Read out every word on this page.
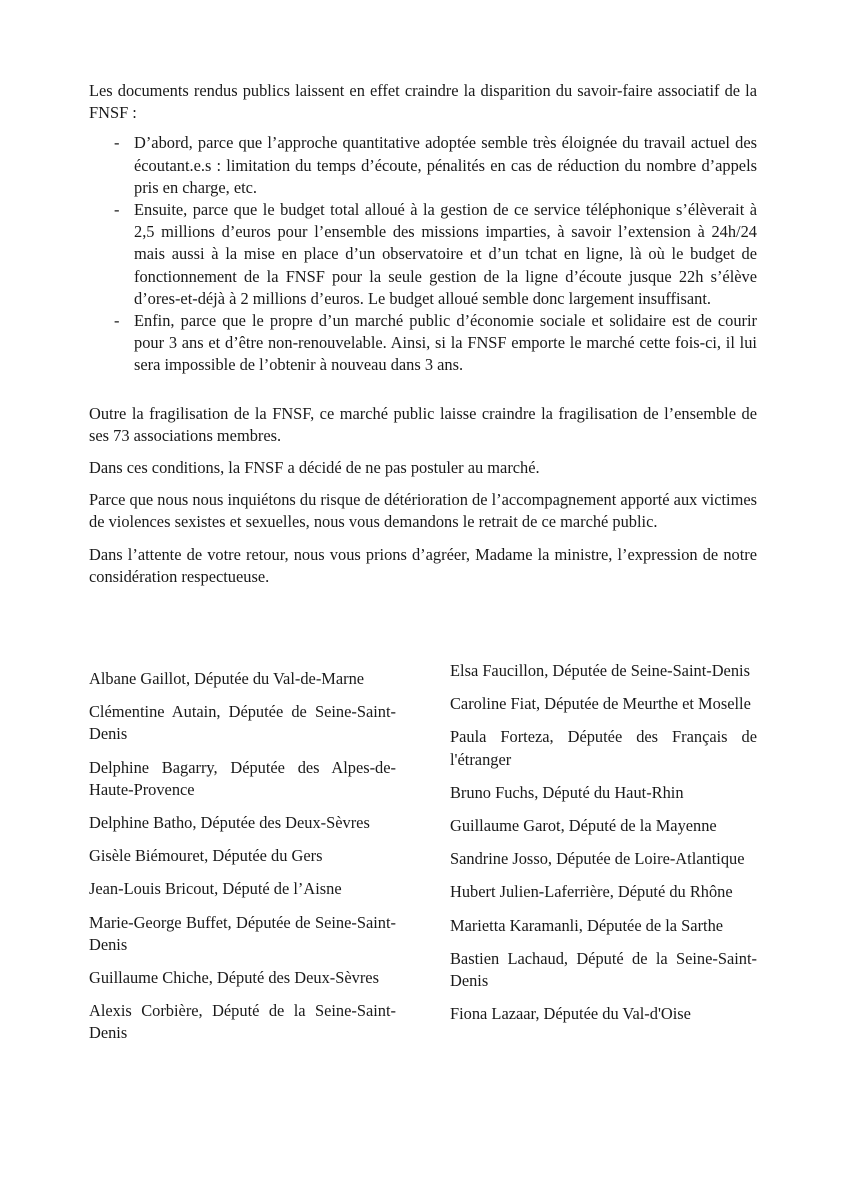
Les documents rendus publics laissent en effet craindre la disparition du savoir-faire associatif de la FNSF :

- D’abord, parce que l’approche quantitative adoptée semble très éloignée du travail actuel des écoutant.e.s : limitation du temps d’écoute, pénalités en cas de réduction du nombre d’appels pris en charge, etc.
- Ensuite, parce que le budget total alloué à la gestion de ce service téléphonique s’élèverait à 2,5 millions d’euros pour l’ensemble des missions imparties, à savoir l’extension à 24h/24 mais aussi à la mise en place d’un observatoire et d’un tchat en ligne, là où le budget de fonctionnement de la FNSF pour la seule gestion de la ligne d’écoute jusque 22h s’élève d’ores-et-déjà à 2 millions d’euros. Le budget alloué semble donc largement insuffisant.
- Enfin, parce que le propre d’un marché public d’économie sociale et solidaire est de courir pour 3 ans et d’être non-renouvelable. Ainsi, si la FNSF emporte le marché cette fois-ci, il lui sera impossible de l’obtenir à nouveau dans 3 ans.

Outre la fragilisation de la FNSF, ce marché public laisse craindre la fragilisation de l’ensemble de ses 73 associations membres.

Dans ces conditions, la FNSF a décidé de ne pas postuler au marché.

Parce que nous nous inquiétons du risque de détérioration de l’accompagnement apporté aux victimes de violences sexistes et sexuelles, nous vous demandons le retrait de ce marché public.

Dans l’attente de votre retour, nous vous prions d’agréer, Madame la ministre, l’expression de notre considération respectueuse.

Albane Gaillot, Députée du Val-de-Marne

Clémentine Autain, Députée de Seine-Saint-Denis

Delphine Bagarry, Députée des Alpes-de-Haute-Provence

Delphine Batho, Députée des Deux-Sèvres

Gisèle Biémouret, Députée du Gers

Jean-Louis Bricout, Député de l’Aisne

Marie-George Buffet, Députée de Seine-Saint-Denis

Guillaume Chiche, Député des Deux-Sèvres

Alexis Corbière, Député de la Seine-Saint-Denis

Elsa Faucillon, Députée de Seine-Saint-Denis

Caroline Fiat, Députée de Meurthe et Moselle

Paula Forteza, Députée des Français de l'étranger

Bruno Fuchs, Député du Haut-Rhin

Guillaume Garot, Député de la Mayenne

Sandrine Josso, Députée de Loire-Atlantique

Hubert Julien-Laferrière, Député du Rhône

Marietta Karamanli, Députée de la Sarthe

Bastien Lachaud, Député de la Seine-Saint-Denis

Fiona Lazaar, Députée du Val-d'Oise
